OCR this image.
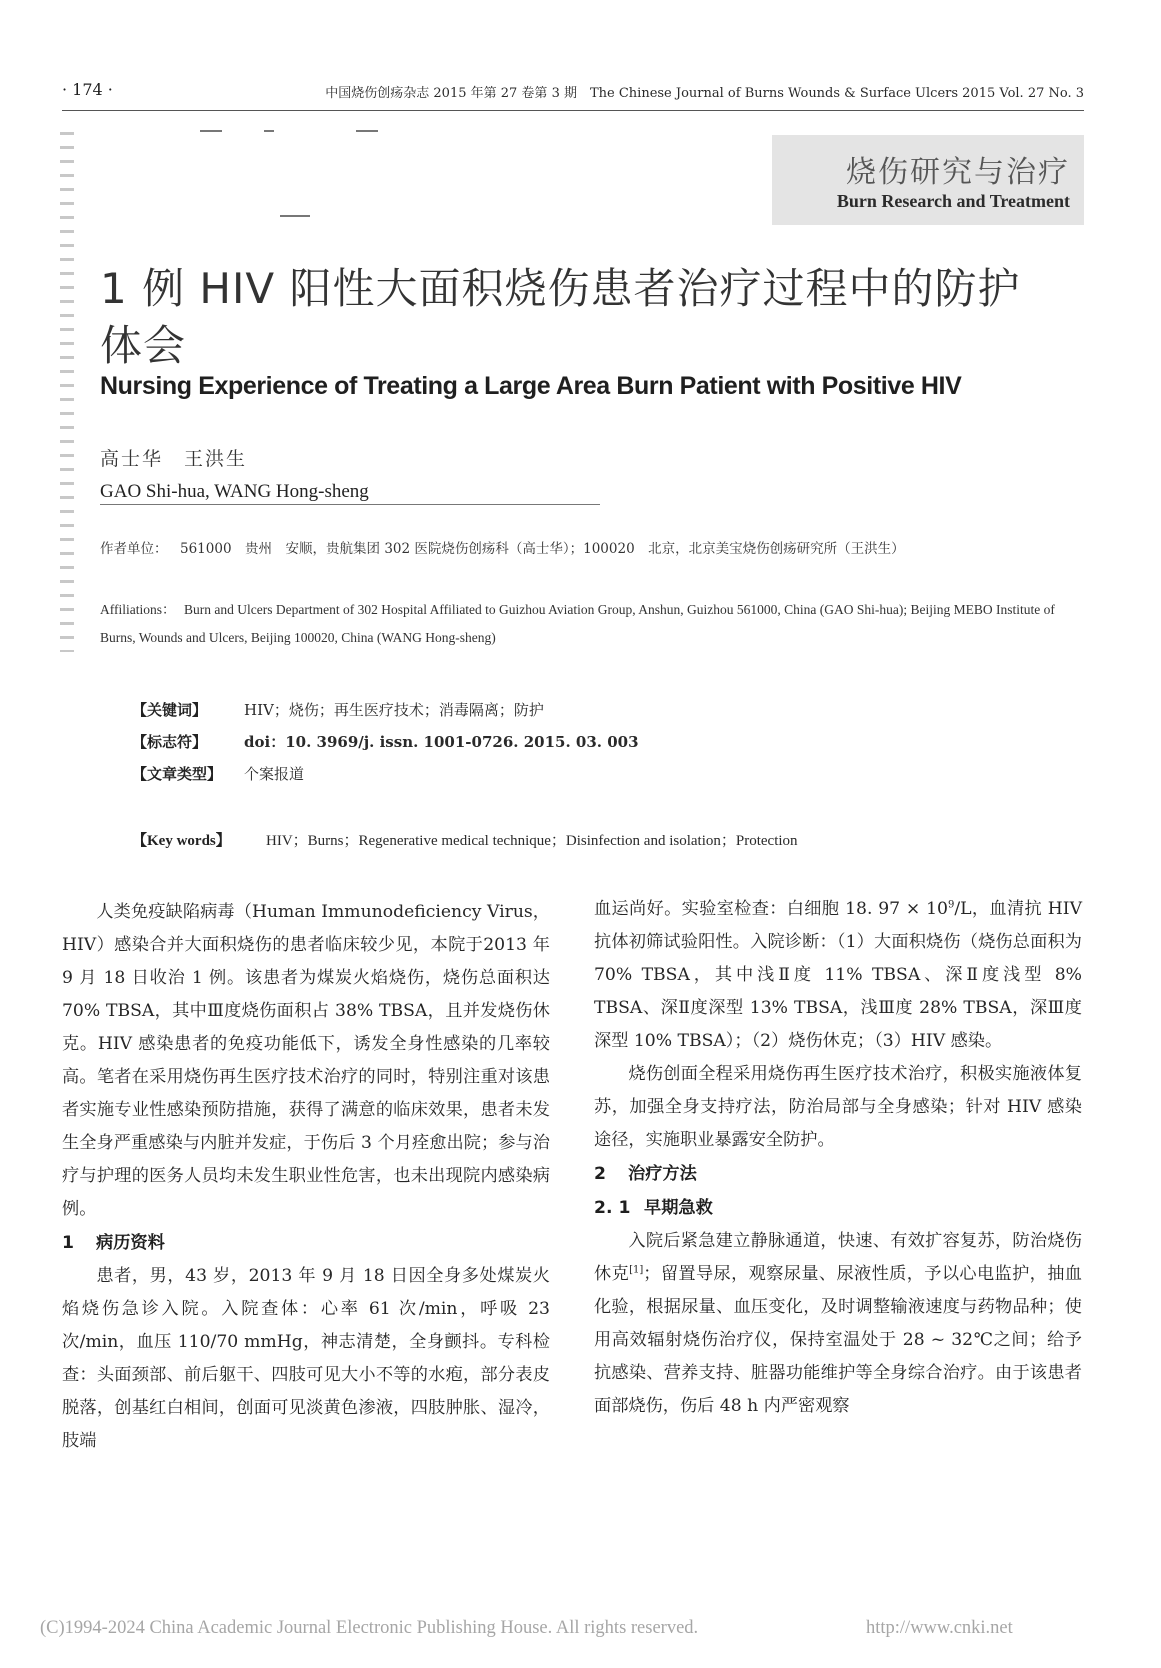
· 174 ·	中国烧伤创疡杂志 2015 年第 27 卷第 3 期　The Chinese Journal of Burns Wounds & Surface Ulcers 2015 Vol. 27 No. 3
烧伤研究与治疗
Burn Research and Treatment
1 例 HIV 阳性大面积烧伤患者治疗过程中的防护体会
Nursing Experience of Treating a Large Area Burn Patient with Positive HIV
高士华　王洪生
GAO Shi-hua, WANG Hong-sheng
作者单位： 561000　贵州　安顺，贵航集团 302 医院烧伤创疡科（高士华）；100020　北京，北京美宝烧伤创疡研究所（王洪生）
Affiliations： Burn and Ulcers Department of 302 Hospital Affiliated to Guizhou Aviation Group, Anshun, Guizhou 561000, China (GAO Shi-hua); Beijing MEBO Institute of Burns, Wounds and Ulcers, Beijing 100020, China (WANG Hong-sheng)
【关键词】 HIV；烧伤；再生医疗技术；消毒隔离；防护
【标志符】 doi：10. 3969/j. issn. 1001-0726. 2015. 03. 003
【文章类型】 个案报道
【Key words】 HIV；Burns；Regenerative medical technique；Disinfection and isolation；Protection

人类免疫缺陷病毒（Human Immunodeficiency Virus，HIV）感染合并大面积烧伤的患者临床较少见，本院于2013 年 9 月 18 日收治 1 例。该患者为煤炭火焰烧伤，烧伤总面积达 70% TBSA，其中Ⅲ度烧伤面积占 38% TBSA，且并发烧伤休克。HIV 感染患者的免疫功能低下，诱发全身性感染的几率较高。笔者在采用烧伤再生医疗技术治疗的同时，特别注重对该患者实施专业性感染预防措施，获得了满意的临床效果，患者未发生全身严重感染与内脏并发症，于伤后 3 个月痊愈出院；参与治疗与护理的医务人员均未发生职业性危害，也未出现院内感染病例。

1 病历资料

患者，男，43 岁，2013 年 9 月 18 日因全身多处煤炭火焰烧伤急诊入院。入院查体：心率 61 次/min，呼吸 23 次/min，血压 110/70 mmHg，神志清楚，全身颤抖。专科检查：头面颈部、前后躯干、四肢可见大小不等的水疱，部分表皮脱落，创基红白相间，创面可见淡黄色渗液，四肢肿胀、湿冷，肢端

血运尚好。实验室检查：白细胞 18. $97 \times 10^9/L$，血清抗 HIV 抗体初筛试验阳性。入院诊断：（1）大面积烧伤（烧伤总面积为 70% TBSA，其中浅Ⅱ度 11% TBSA、深Ⅱ度浅型 8% TBSA、深Ⅱ度深型 13% TBSA，浅Ⅲ度 28% TBSA，深Ⅲ度深型 10% TBSA）；（2）烧伤休克；（3）HIV 感染。

烧伤创面全程采用烧伤再生医疗技术治疗，积极实施液体复苏，加强全身支持疗法，防治局部与全身感染；针对 HIV 感染途径，实施职业暴露安全防护。

2 治疗方法
2. 1 早期急救

入院后紧急建立静脉通道，快速、有效扩容复苏，防治烧伤休克[1]；留置导尿，观察尿量、尿液性质，予以心电监护，抽血化验，根据尿量、血压变化，及时调整输液速度与药物品种；使用高效辐射烧伤治疗仪，保持室温处于 28 ~ 32℃之间；给予抗感染、营养支持、脏器功能维护等全身综合治疗。由于该患者面部烧伤，伤后 48 h 内严密观察

(C)1994-2024 China Academic Journal Electronic Publishing House. All rights reserved.	http://www.cnki.net
